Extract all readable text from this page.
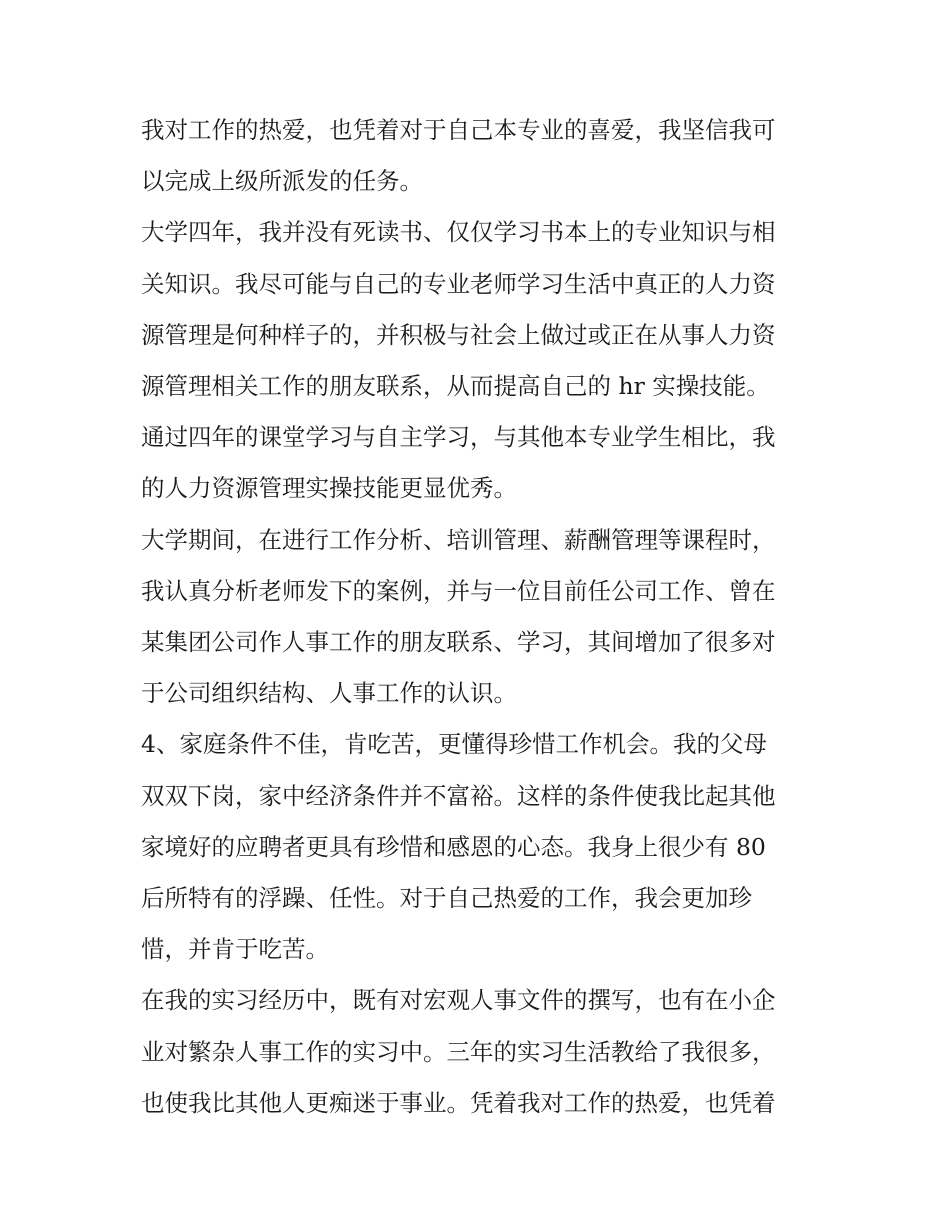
我对工作的热爱，也凭着对于自己本专业的喜爱，我坚信我可
以完成上级所派发的任务。
大学四年，我并没有死读书、仅仅学习书本上的专业知识与相
关知识。我尽可能与自己的专业老师学习生活中真正的人力资
源管理是何种样子的，并积极与社会上做过或正在从事人力资
源管理相关工作的朋友联系，从而提高自己的 hr 实操技能。
通过四年的课堂学习与自主学习，与其他本专业学生相比，我
的人力资源管理实操技能更显优秀。
大学期间，在进行工作分析、培训管理、薪酬管理等课程时，
我认真分析老师发下的案例，并与一位目前任公司工作、曾在
某集团公司作人事工作的朋友联系、学习，其间增加了很多对
于公司组织结构、人事工作的认识。
4、家庭条件不佳，肯吃苦，更懂得珍惜工作机会。我的父母
双双下岗，家中经济条件并不富裕。这样的条件使我比起其他
家境好的应聘者更具有珍惜和感恩的心态。我身上很少有 80
后所特有的浮躁、任性。对于自己热爱的工作，我会更加珍
惜，并肯于吃苦。
在我的实习经历中，既有对宏观人事文件的撰写，也有在小企
业对繁杂人事工作的实习中。三年的实习生活教给了我很多，
也使我比其他人更痴迷于事业。凭着我对工作的热爱，也凭着
